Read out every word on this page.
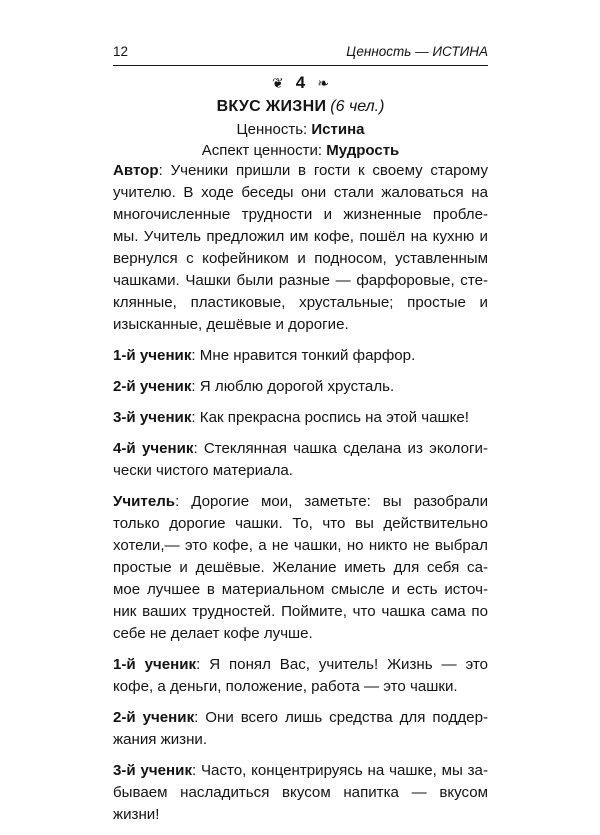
12	Ценность — ИСТИНА
❦ 4 ❧
ВКУС ЖИЗНИ (6 чел.)
Ценность: Истина
Аспект ценности: Мудрость
Автор: Ученики пришли в гости к своему старому
учителю. В ходе беседы они стали жаловаться на
многочисленные трудности и жизненные пробле-
мы. Учитель предложил им кофе, пошёл на кухню и
вернулся с кофейником и подносом, уставленным
чашками. Чашки были разные — фарфоровые, сте-
клянные, пластиковые, хрустальные; простые и
изысканные, дешёвые и дорогие.
1-й ученик: Мне нравится тонкий фарфор.
2-й ученик: Я люблю дорогой хрусталь.
3-й ученик: Как прекрасна роспись на этой чашке!
4-й ученик: Стеклянная чашка сделана из экологи-
чески чистого материала.
Учитель: Дорогие мои, заметьте: вы разобрали
только дорогие чашки. То, что вы действительно
хотели,— это кофе, а не чашки, но никто не выбрал
простые и дешёвые. Желание иметь для себя са-
мое лучшее в материальном смысле и есть источ-
ник ваших трудностей. Поймите, что чашка сама по
себе не делает кофе лучше.
1-й ученик: Я понял Вас, учитель! Жизнь — это
кофе, а деньги, положение, работа — это чашки.
2-й ученик: Они всего лишь средства для поддер-
жания жизни.
3-й ученик: Часто, концентрируясь на чашке, мы за-
бываем насладиться вкусом напитка — вкусом
жизни!
